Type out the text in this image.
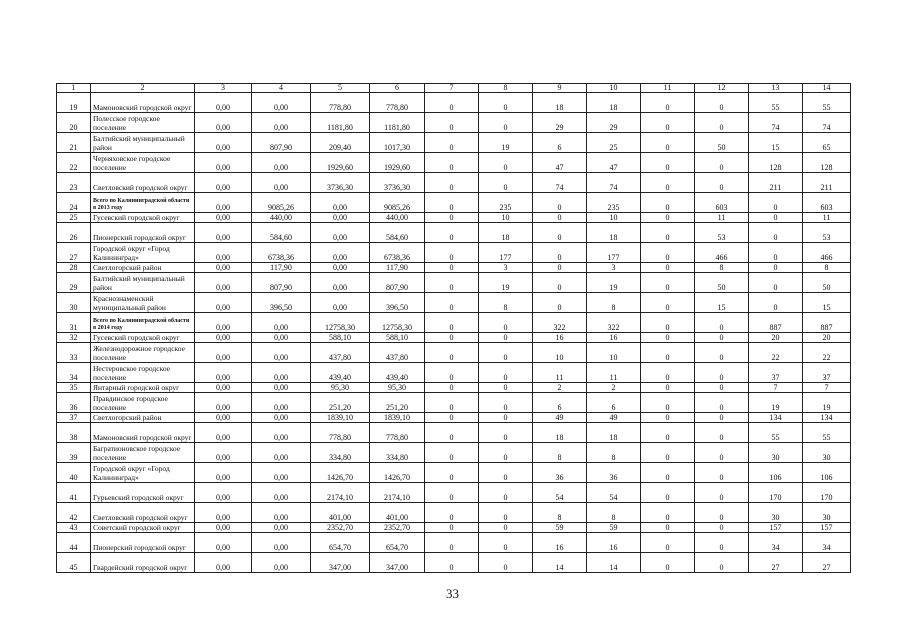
1	2	3	4	5	6	7	8	9	10	11	12	13	14
19	Мамоновский городской округ	0,00	0,00	778,80	778,80	0	0	18	18	0	0	55	55
20	Полесское городское поселение	0,00	0,00	1181,80	1181,80	0	0	29	29	0	0	74	74
21	Балтийский муниципальный район	0,00	807,90	209,40	1017,30	0	19	6	25	0	50	15	65
22	Черняховское городское поселение	0,00	0,00	1929,60	1929,60	0	0	47	47	0	0	128	128
23	Светловский городской округ	0,00	0,00	3736,30	3736,30	0	0	74	74	0	0	211	211
24	Всего по Калининградской области в 2013 году	0,00	9085,26	0,00	9085,26	0	235	0	235	0	603	0	603
25	Гусевский городской округ	0,00	440,00	0,00	440,00	0	10	0	10	0	11	0	11
26	Пионерский городской округ	0,00	584,60	0,00	584,60	0	18	0	18	0	53	0	53
27	Городской округ «Город Калининград»	0,00	6738,36	0,00	6738,36	0	177	0	177	0	466	0	466
28	Светлогорский район	0,00	117,90	0,00	117,90	0	3	0	3	0	8	0	8
29	Балтийский муниципальный район	0,00	807,90	0,00	807,90	0	19	0	19	0	50	0	50
30	Краснознаменский муниципальный район	0,00	396,50	0,00	396,50	0	8	0	8	0	15	0	15
31	Всего по Калининградской области в 2014 году	0,00	0,00	12758,30	12758,30	0	0	322	322	0	0	887	887
32	Гусевский городской округ	0,00	0,00	588,10	588,10	0	0	16	16	0	0	20	20
33	Железнодорожное городское поселение	0,00	0,00	437,80	437,80	0	0	10	10	0	0	22	22
34	Нестеровское городское поселение	0,00	0,00	439,40	439,40	0	0	11	11	0	0	37	37
35	Янтарный городской округ	0,00	0,00	95,30	95,30	0	0	2	2	0	0	7	7
36	Правдинское городское поселение	0,00	0,00	251,20	251,20	0	0	6	6	0	0	19	19
37	Светлогорский район	0,00	0,00	1839,10	1839,10	0	0	49	49	0	0	134	134
38	Мамоновский городской округ	0,00	0,00	778,80	778,80	0	0	18	18	0	0	55	55
39	Багратионовское городское поселение	0,00	0,00	334,80	334,80	0	0	8	8	0	0	30	30
40	Городской округ «Город Калининград»	0,00	0,00	1426,70	1426,70	0	0	36	36	0	0	106	106
41	Гурьевский городской округ	0,00	0,00	2174,10	2174,10	0	0	54	54	0	0	170	170
42	Светловский городской округ	0,00	0,00	401,00	401,00	0	0	8	8	0	0	30	30
43	Советский городской округ	0,00	0,00	2352,70	2352,70	0	0	59	59	0	0	157	157
44	Пионерский городской округ	0,00	0,00	654,70	654,70	0	0	16	16	0	0	34	34
45	Гвардейский городской округ	0,00	0,00	347,00	347,00	0	0	14	14	0	0	27	27
33
